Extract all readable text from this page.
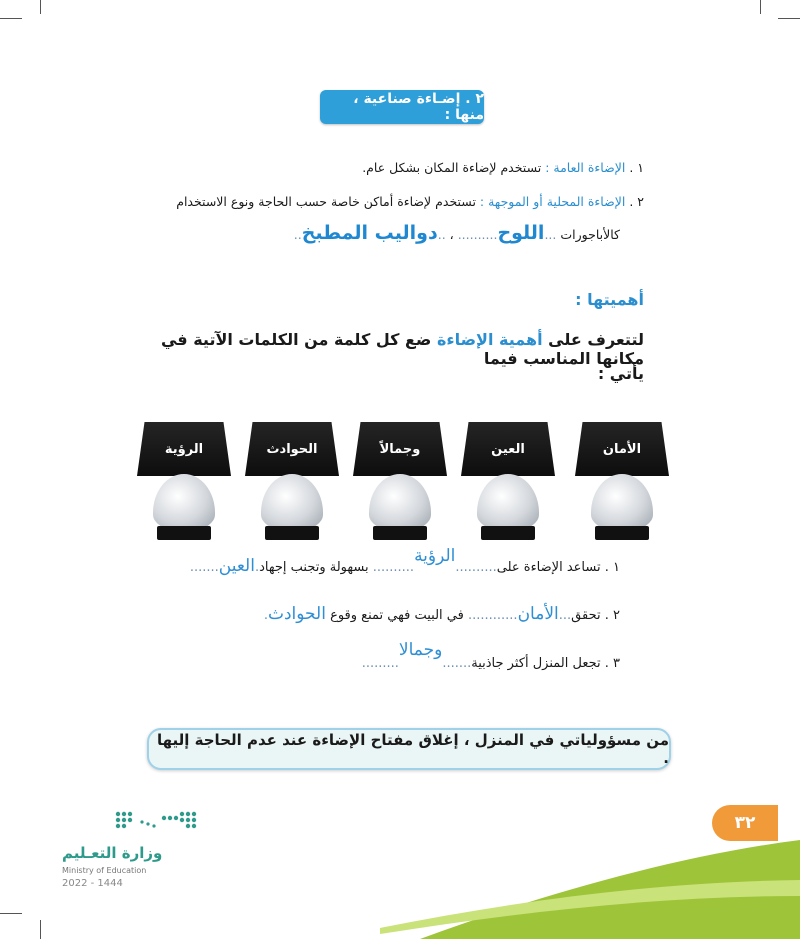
٢ . إضـاءة صناعية ، منها :
١ . الإضاءة العامة : تستخدم لإضاءة المكان بشكل عام.
٢ . الإضاءة المحلية أو الموجهة : تستخدم لإضاءة أماكن خاصة حسب الحاجة ونوع الاستخدام
كالأباجورات ...اللوح.......... ، ..دواليب المطبخ..
أهميتها :
لتتعرف على أهمية الإضاءة ضع كل كلمة من الكلمات الآتية في مكانها المناسب فيما
يأتي :
الأمان
العين
وجمالاً
الحوادث
الرؤية
١ . تساعد الإضاءة على..........الرؤية.......... بسهولة وتجنب إجهاد.العين.......
٢ . تحقق...الأمان............ في البيت فهي تمنع وقوع الحوادث.
٣ . تجعل المنزل أكثر جاذبية.......وجمالا.........
من مسؤولياتي في المنزل ، إغلاق مفتاح الإضاءة عند عدم الحاجة إليها .
٣٢
وزارة التعـليم
Ministry of Education
2022 - 1444
